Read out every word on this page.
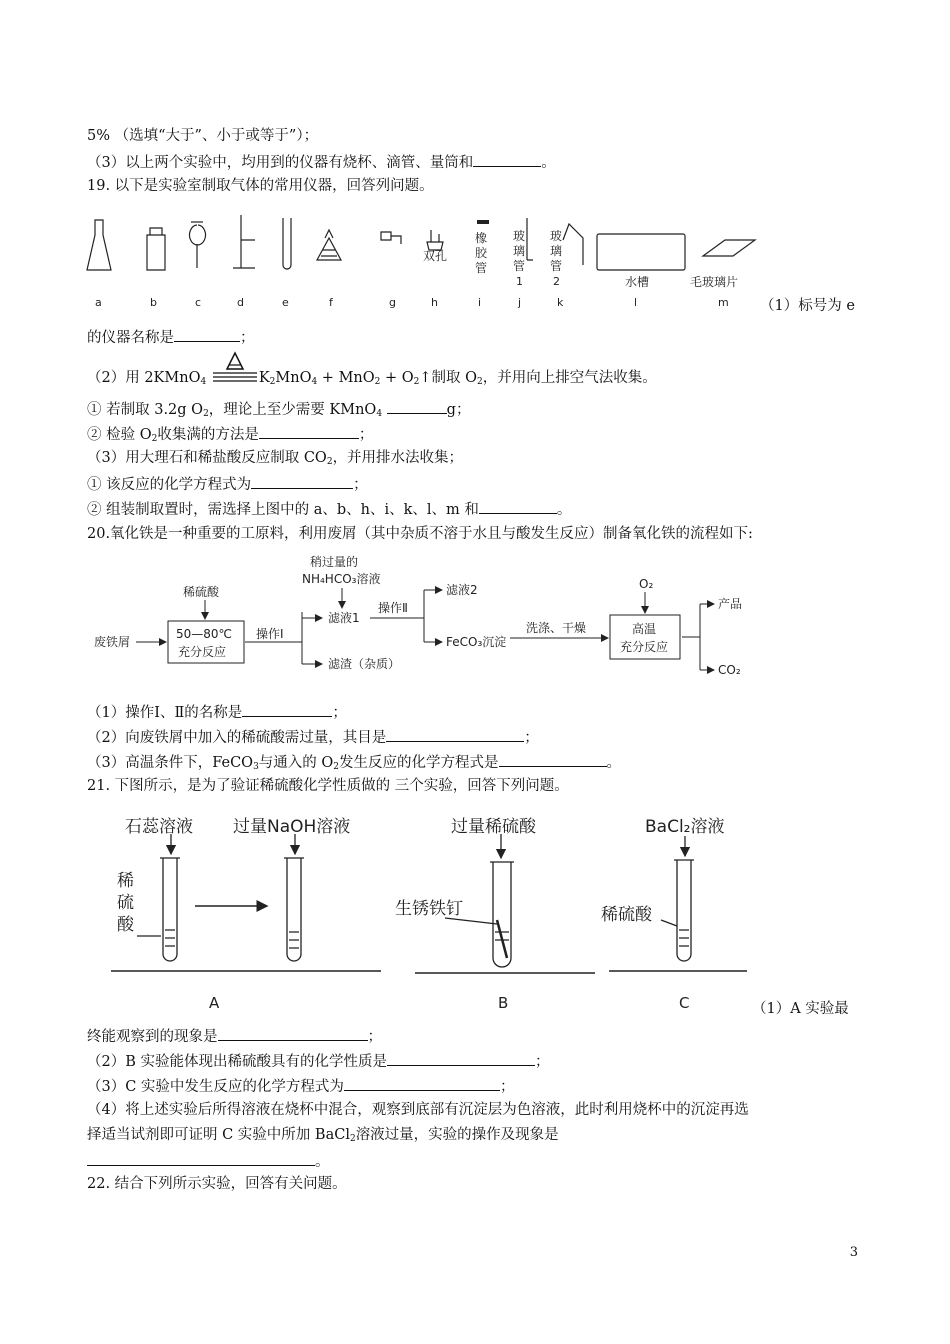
5% （选填“大于”、小于或等于”）；
（3）以上两个实验中，均用到的仪器有烧杯、滴管、量筒和	。
19. 以下是实验室制取气体的常用仪器，回答列问题。
双孔
橡
胶
管
玻
璃
管
1
玻
璃
管
2	水槽	毛玻璃片
a	b	c	d	e	f	g	h	i	j	k	l	m （1）标号为 e
的仪器名称是	；
（2）用 2KMnO$_4$	$K_2MnO_4 + MnO_2$ + $O_2↑$制取 $O_2$，并用向上排空气法收集。
① 若制取 3.2g $O_2$，理论上至少需要 KMnO$_4$	g；
② 检验 $O_2$收集满的方法是	；
（3）用大理石和稀盐酸反应制取 $CO_2$，并用排水法收集；
① 该反应的化学方程式为	；
② 组装制取置时，需选择上图中的 a、b、h、i、k、l、m 和	。
20.氧化铁是一种重要的工原料，利用废屑（其中杂质不溶于水且与酸发生反应）制备氧化铁的流程如下:
废铁屑
稀硫酸
50—80℃
充分反应
操作Ⅰ
稍过量的
NH₄HCO₃溶液
滤液1
滤渣（杂质）
操作Ⅱ
滤液2
FeCO₃沉淀
洗涤、干燥
O₂
高温
充分反应
产品
CO₂
（1）操作Ⅰ、Ⅱ的名称是	；
（2）向废铁屑中加入的稀硫酸需过量，其目是	；
（3）高温条件下，FeCO$_3$与通入的 $O_2$发生反应的化学方程式是	。
21. 下图所示，是为了验证稀硫酸化学性质做的 三个实验，回答下列问题。
石蕊溶液 过量NaOH溶液
稀
硫
酸
过量稀硫酸
生锈铁钉
BaCl₂溶液
稀硫酸
A	B	C	（1）A 实验最
终能观察到的现象是	；
（2）B 实验能体现出稀硫酸具有的化学性质是	；
（3）C 实验中发生反应的化学方程式为	；
（4）将上述实验后所得溶液在烧杯中混合，观察到底部有沉淀层为色溶液，此时利用烧杯中的沉淀再选
择适当试剂即可证明 C 实验中所加 BaCl$_2$溶液过量，实验的操作及现象是
。
22. 结合下列所示实验，回答有关问题。
3
